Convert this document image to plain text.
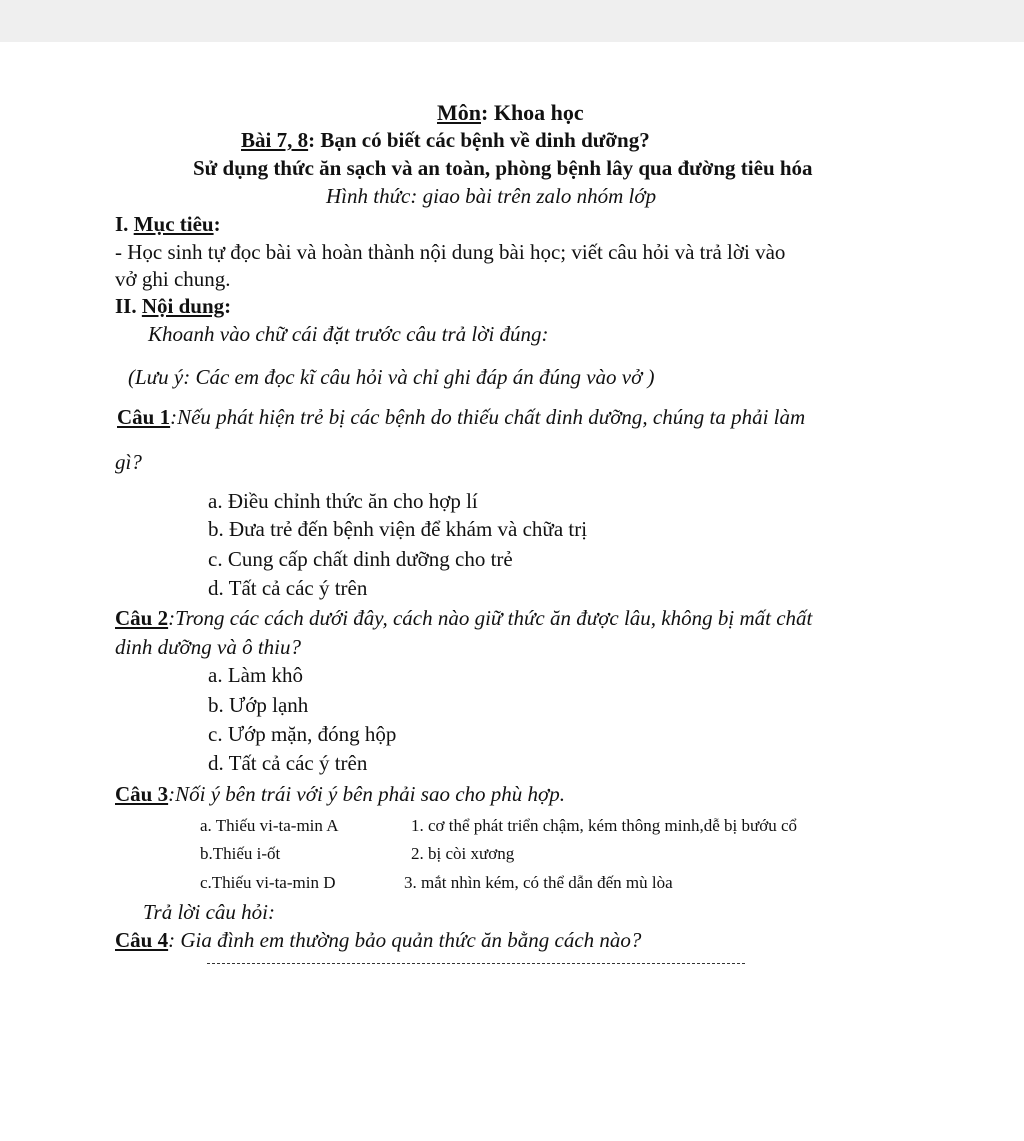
Môn: Khoa học
Bài 7, 8: Bạn có biết các bệnh về dinh dưỡng?
Sử dụng thức ăn sạch và an toàn, phòng bệnh lây qua đường tiêu hóa
Hình thức: giao bài trên zalo nhóm lớp
I. Mục tiêu:
- Học sinh tự đọc bài và hoàn thành nội dung bài học; viết câu hỏi và trả lời vào
vở ghi chung.
II. Nội dung:
Khoanh vào chữ cái đặt trước câu trả lời đúng:
(Lưu ý: Các em đọc kĩ câu hỏi và chỉ ghi đáp án đúng vào vở )
Câu 1:Nếu phát hiện trẻ bị các bệnh do thiếu chất dinh dưỡng, chúng ta phải làm
gì?
a. Điều chỉnh thức ăn cho hợp lí
b. Đưa trẻ đến bệnh viện để khám và chữa trị
c. Cung cấp chất dinh dưỡng cho trẻ
d. Tất cả các ý trên
Câu 2:Trong các cách dưới đây, cách nào giữ thức ăn được lâu, không bị mất chất
dinh dưỡng và ô thiu?
a. Làm khô
b. Ướp lạnh
c. Ướp mặn, đóng hộp
d. Tất cả các ý trên
Câu 3:Nối ý bên trái với ý bên phải sao cho phù hợp.
a. Thiếu vi-ta-min A	1. cơ thể phát triển chậm, kém thông minh,dễ bị bướu cổ
b.Thiếu i-ốt	2. bị còi xương
c.Thiếu vi-ta-min D	3. mắt nhìn kém, có thể dẫn đến mù lòa
Trả lời câu hỏi:
Câu 4: Gia đình em thường bảo quản thức ăn bằng cách nào?
